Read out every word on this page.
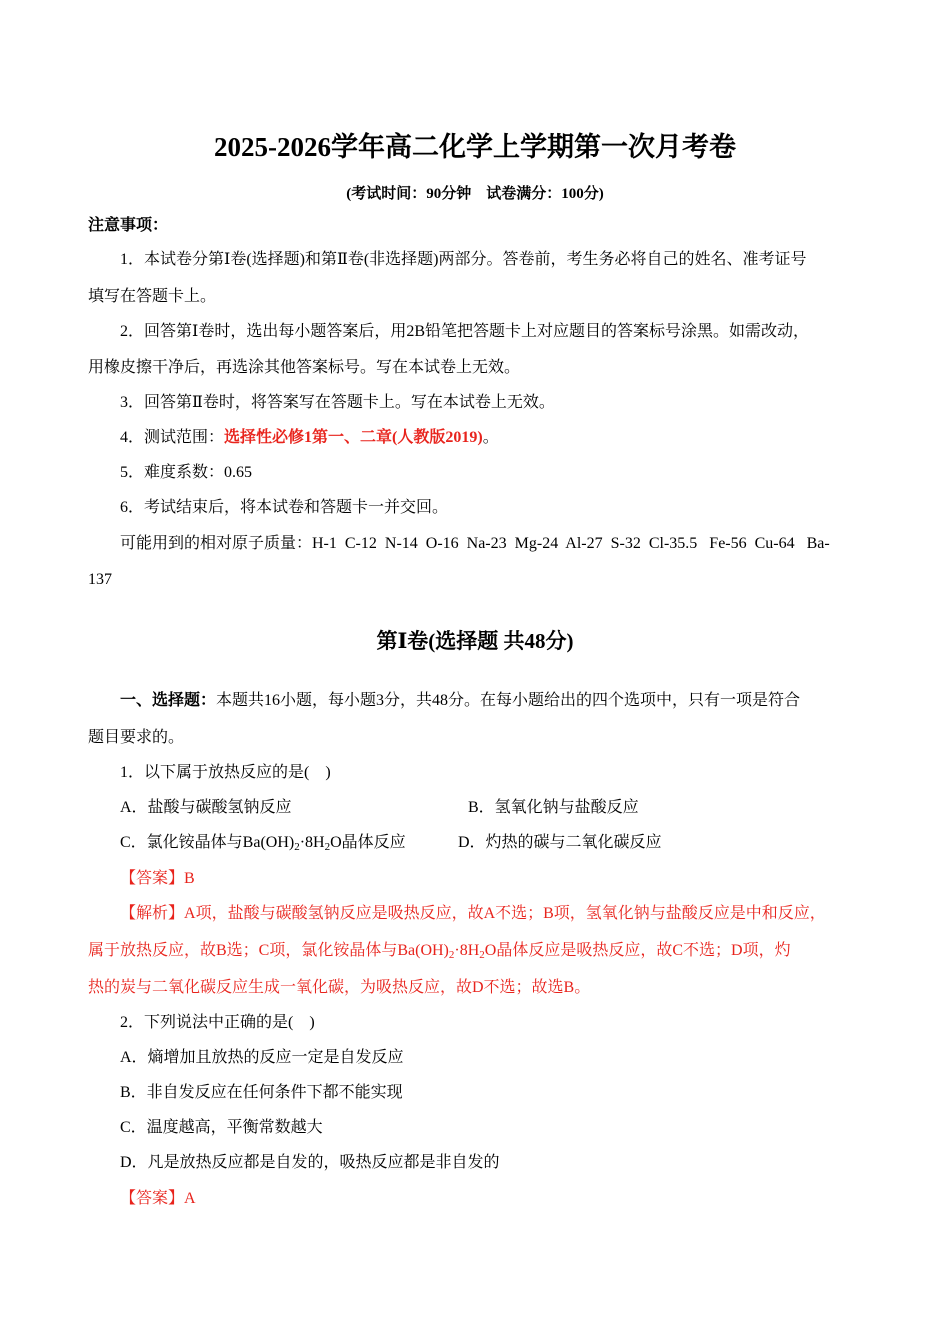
2025-2026学年高二化学上学期第一次月考卷
(考试时间：90分钟　试卷满分：100分)
注意事项：
1．本试卷分第Ⅰ卷(选择题)和第Ⅱ卷(非选择题)两部分。答卷前，考生务必将自己的姓名、准考证号
填写在答题卡上。
2．回答第Ⅰ卷时，选出每小题答案后，用2B铅笔把答题卡上对应题目的答案标号涂黑。如需改动，
用橡皮擦干净后，再选涂其他答案标号。写在本试卷上无效。
3．回答第Ⅱ卷时，将答案写在答题卡上。写在本试卷上无效。
4．测试范围：选择性必修1第一、二章(人教版2019)。
5．难度系数：0.65
6．考试结束后，将本试卷和答题卡一并交回。
可能用到的相对原子质量：H-1  C-12  N-14  O-16  Na-23  Mg-24  Al-27  S-32  Cl-35.5   Fe-56  Cu-64   Ba-
137
第Ⅰ卷(选择题 共48分)
一、选择题：本题共16小题，每小题3分，共48分。在每小题给出的四个选项中，只有一项是符合
题目要求的。
1．以下属于放热反应的是(　)
A．盐酸与碳酸氢钠反应	B．氢氧化钠与盐酸反应
C．氯化铵晶体与$Ba(OH)_2\cdot 8H_2O$晶体反应	D．灼热的碳与二氧化碳反应
【答案】B
【解析】A项，盐酸与碳酸氢钠反应是吸热反应，故A不选；B项，氢氧化钠与盐酸反应是中和反应，
属于放热反应，故B选；C项，氯化铵晶体与$Ba(OH)_2\cdot 8H_2O$晶体反应是吸热反应，故C不选；D项，灼
热的炭与二氧化碳反应生成一氧化碳，为吸热反应，故D不选；故选B。
2．下列说法中正确的是(　)
A．熵增加且放热的反应一定是自发反应
B．非自发反应在任何条件下都不能实现
C．温度越高，平衡常数越大
D．凡是放热反应都是自发的，吸热反应都是非自发的
【答案】A
